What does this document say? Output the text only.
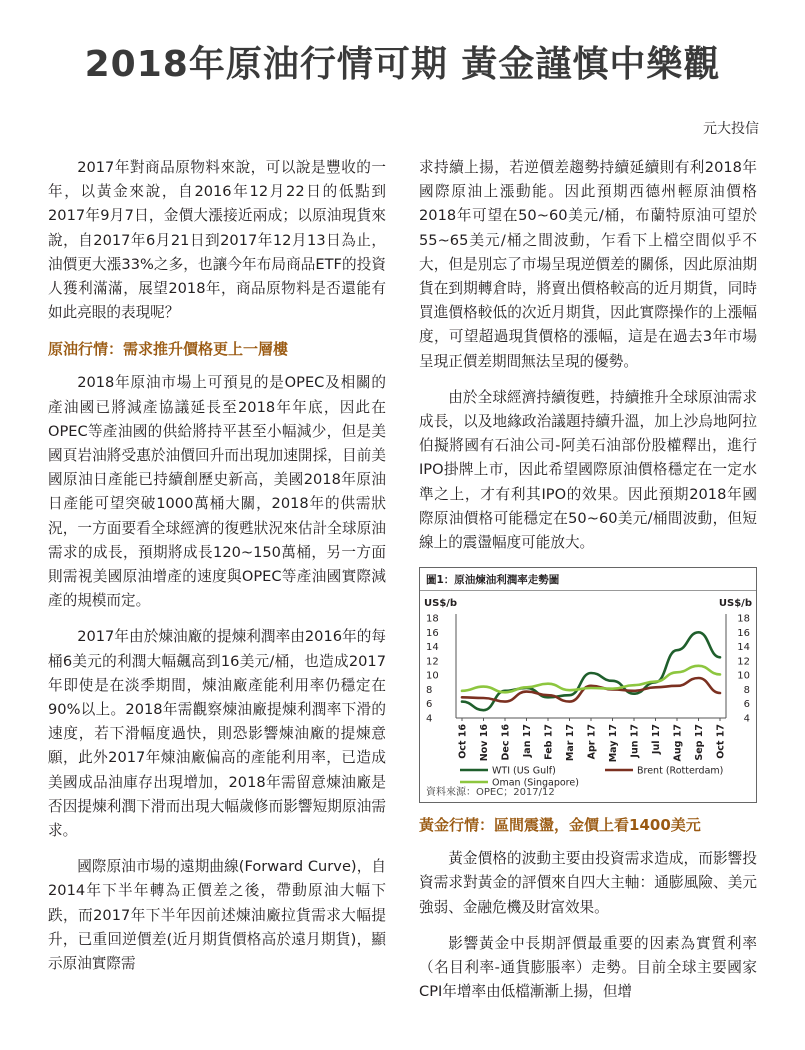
2018年原油行情可期 黃金謹慎中樂觀
元大投信

2017年對商品原物料來說，可以說是豐收的一年，以黃金來說，自2016年12月22日的低點到2017年9月7日，金價大漲接近兩成；以原油現貨來說，自2017年6月21日到2017年12月13日為止，油價更大漲33%之多，也讓今年布局商品ETF的投資人獲利滿滿，展望2018年，商品原物料是否還能有如此亮眼的表現呢？

原油行情：需求推升價格更上一層樓

2018年原油市場上可預見的是OPEC及相關的產油國已將減產協議延長至2018年年底，因此在OPEC等產油國的供給將持平甚至小幅減少，但是美國頁岩油將受惠於油價回升而出現加速開採，目前美國原油日產能已持續創歷史新高，美國2018年原油日產能可望突破1000萬桶大關，2018年的供需狀況，一方面要看全球經濟的復甦狀況來估計全球原油需求的成長，預期將成長120~150萬桶，另一方面則需視美國原油增產的速度與OPEC等產油國實際減產的規模而定。

2017年由於煉油廠的提煉利潤率由2016年的每桶6美元的利潤大幅飆高到16美元/桶，也造成2017年即使是在淡季期間，煉油廠產能利用率仍穩定在90%以上。2018年需觀察煉油廠提煉利潤率下滑的速度，若下滑幅度過快，則恐影響煉油廠的提煉意願，此外2017年煉油廠偏高的產能利用率，已造成美國成品油庫存出現增加，2018年需留意煉油廠是否因提煉利潤下滑而出現大幅歲修而影響短期原油需求。

國際原油市場的遠期曲線(Forward Curve)，自2014年下半年轉為正價差之後，帶動原油大幅下跌，而2017年下半年因前述煉油廠拉貨需求大幅提升，已重回逆價差(近月期貨價格高於遠月期貨)，顯示原油實際需

求持續上揚，若逆價差趨勢持續延續則有利2018年國際原油上漲動能。因此預期西德州輕原油價格2018年可望在50~60美元/桶，布蘭特原油可望於55~65美元/桶之間波動，乍看下上檔空間似乎不大，但是別忘了市場呈現逆價差的關係，因此原油期貨在到期轉倉時，將賣出價格較高的近月期貨，同時買進價格較低的次近月期貨，因此實際操作的上漲幅度，可望超過現貨價格的漲幅，這是在過去3年市場呈現正價差期間無法呈現的優勢。

由於全球經濟持續復甦，持續推升全球原油需求成長，以及地緣政治議題持續升溫，加上沙烏地阿拉伯擬將國有石油公司-阿美石油部份股權釋出，進行IPO掛牌上市，因此希望國際原油價格穩定在一定水準之上，才有利其IPO的效果。因此預期2018年國際原油價格可能穩定在50~60美元/桶間波動，但短線上的震盪幅度可能放大。

圖1：原油煉油利潤率走勢圖
US$/b	US$/b
4	4
6	6
8	8
10	10
12	12
14	14
16	16
18	18
Oct 16 Nov 16 Dec 16 Jan 17 Feb 17 Mar 17 Apr 17 May 17 Jun 17 Jul 17 Aug 17 Sep 17 Oct 17
WTI (US Gulf)	Brent (Rotterdam)
Oman (Singapore)
資料來源：OPEC；2017/12
黃金行情：區間震盪，金價上看1400美元

黃金價格的波動主要由投資需求造成，而影響投資需求對黃金的評價來自四大主軸：通膨風險、美元強弱、金融危機及財富效果。

影響黃金中長期評價最重要的因素為實質利率（名目利率-通貨膨脹率）走勢。目前全球主要國家CPI年增率由低檔漸漸上揚，但增
